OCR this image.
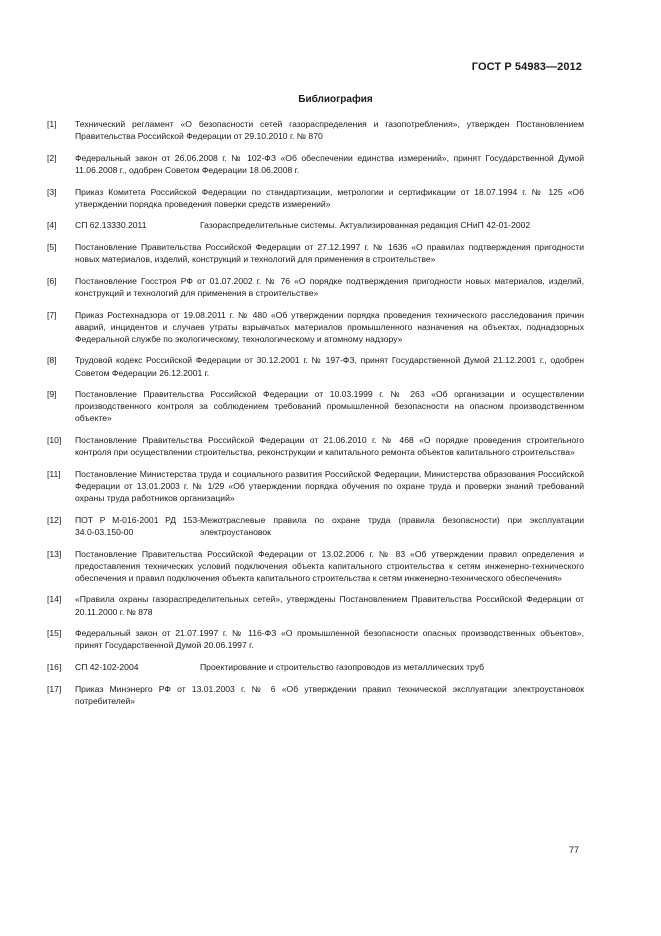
ГОСТ Р 54983—2012
Библиография
[1] Технический регламент «О безопасности сетей газораспределения и газопотребления», утвержден Постановлением Правительства Российской Федерации от 29.10.2010 г. № 870
[2] Федеральный закон от 26.06.2008 г. № 102-ФЗ «Об обеспечении единства измерений», принят Государственной Думой 11.06.2008 г., одобрен Советом Федерации 18.06.2008 г.
[3] Приказ Комитета Российской Федерации по стандартизации, метрологии и сертификации от 18.07.1994 г. № 125 «Об утверждении порядка проведения поверки средств измерений»
[4] СП 62.13330.2011	Газораспределительные системы. Актуализированная редакция СНиП 42-01-2002
[5] Постановление Правительства Российской Федерации от 27.12.1997 г. № 1636 «О правилах подтверждения пригодности новых материалов, изделий, конструкций и технологий для применения в строительстве»
[6] Постановление Госстроя РФ от 01.07.2002 г. № 76 «О порядке подтверждения пригодности новых материалов, изделий, конструкций и технологий для применения в строительстве»
[7] Приказ Ростехнадзора от 19.08.2011 г. № 480 «Об утверждении порядка проведения технического расследования причин аварий, инцидентов и случаев утраты взрывчатых материалов промышленного назначения на объектах, поднадзорных Федеральной службе по экологическому, технологическому и атомному надзору»
[8] Трудовой кодекс Российской Федерации от 30.12.2001 г. № 197-ФЗ, принят Государственной Думой 21.12.2001 г., одобрен Советом Федерации 26.12.2001 г.
[9] Постановление Правительства Российской Федерации от 10.03.1999 г. № 263 «Об организации и осуществлении производственного контроля за соблюдением требований промышленной безопасности на опасном производственном объекте»
[10] Постановление Правительства Российской Федерации от 21.06.2010 г. № 468 «О порядке проведения строительного контроля при осуществлении строительства, реконструкции и капитального ремонта объектов капитального строительства»
[11] Постановление Министерства труда и социального развития Российской Федерации, Министерства образования Российской Федерации от 13.01.2003 г. № 1/29 «Об утверждении порядка обучения по охране труда и проверки знаний требований охраны труда работников организаций»
[12] ПОТ Р М-016-2001 РД 153-34.0-03.150-00Межотраслевые правила по охране труда (правила безопасности) при эксплуатации электроустановок
[13] Постановление Правительства Российской Федерации от 13.02.2006 г. № 83 «Об утверждении правил определения и предоставления технических условий подключения объекта капитального строительства к сетям инженерно-технического обеспечения и правил подключения объекта капитального строительства к сетям инженерно-технического обеспечения»
[14] «Правила охраны газораспределительных сетей», утверждены Постановлением Правительства Российской Федерации от 20.11.2000 г. № 878
[15] Федеральный закон от 21.07.1997 г. № 116-ФЗ «О промышленной безопасности опасных производственных объектов», принят Государственной Думой 20.06.1997 г.
[16] СП 42-102-2004	Проектирование и строительство газопроводов из металлических труб
[17] Приказ Минэнерго РФ от 13.01.2003 г. № 6 «Об утверждении правил технической эксплуатации электроустановок потребителей»
77
